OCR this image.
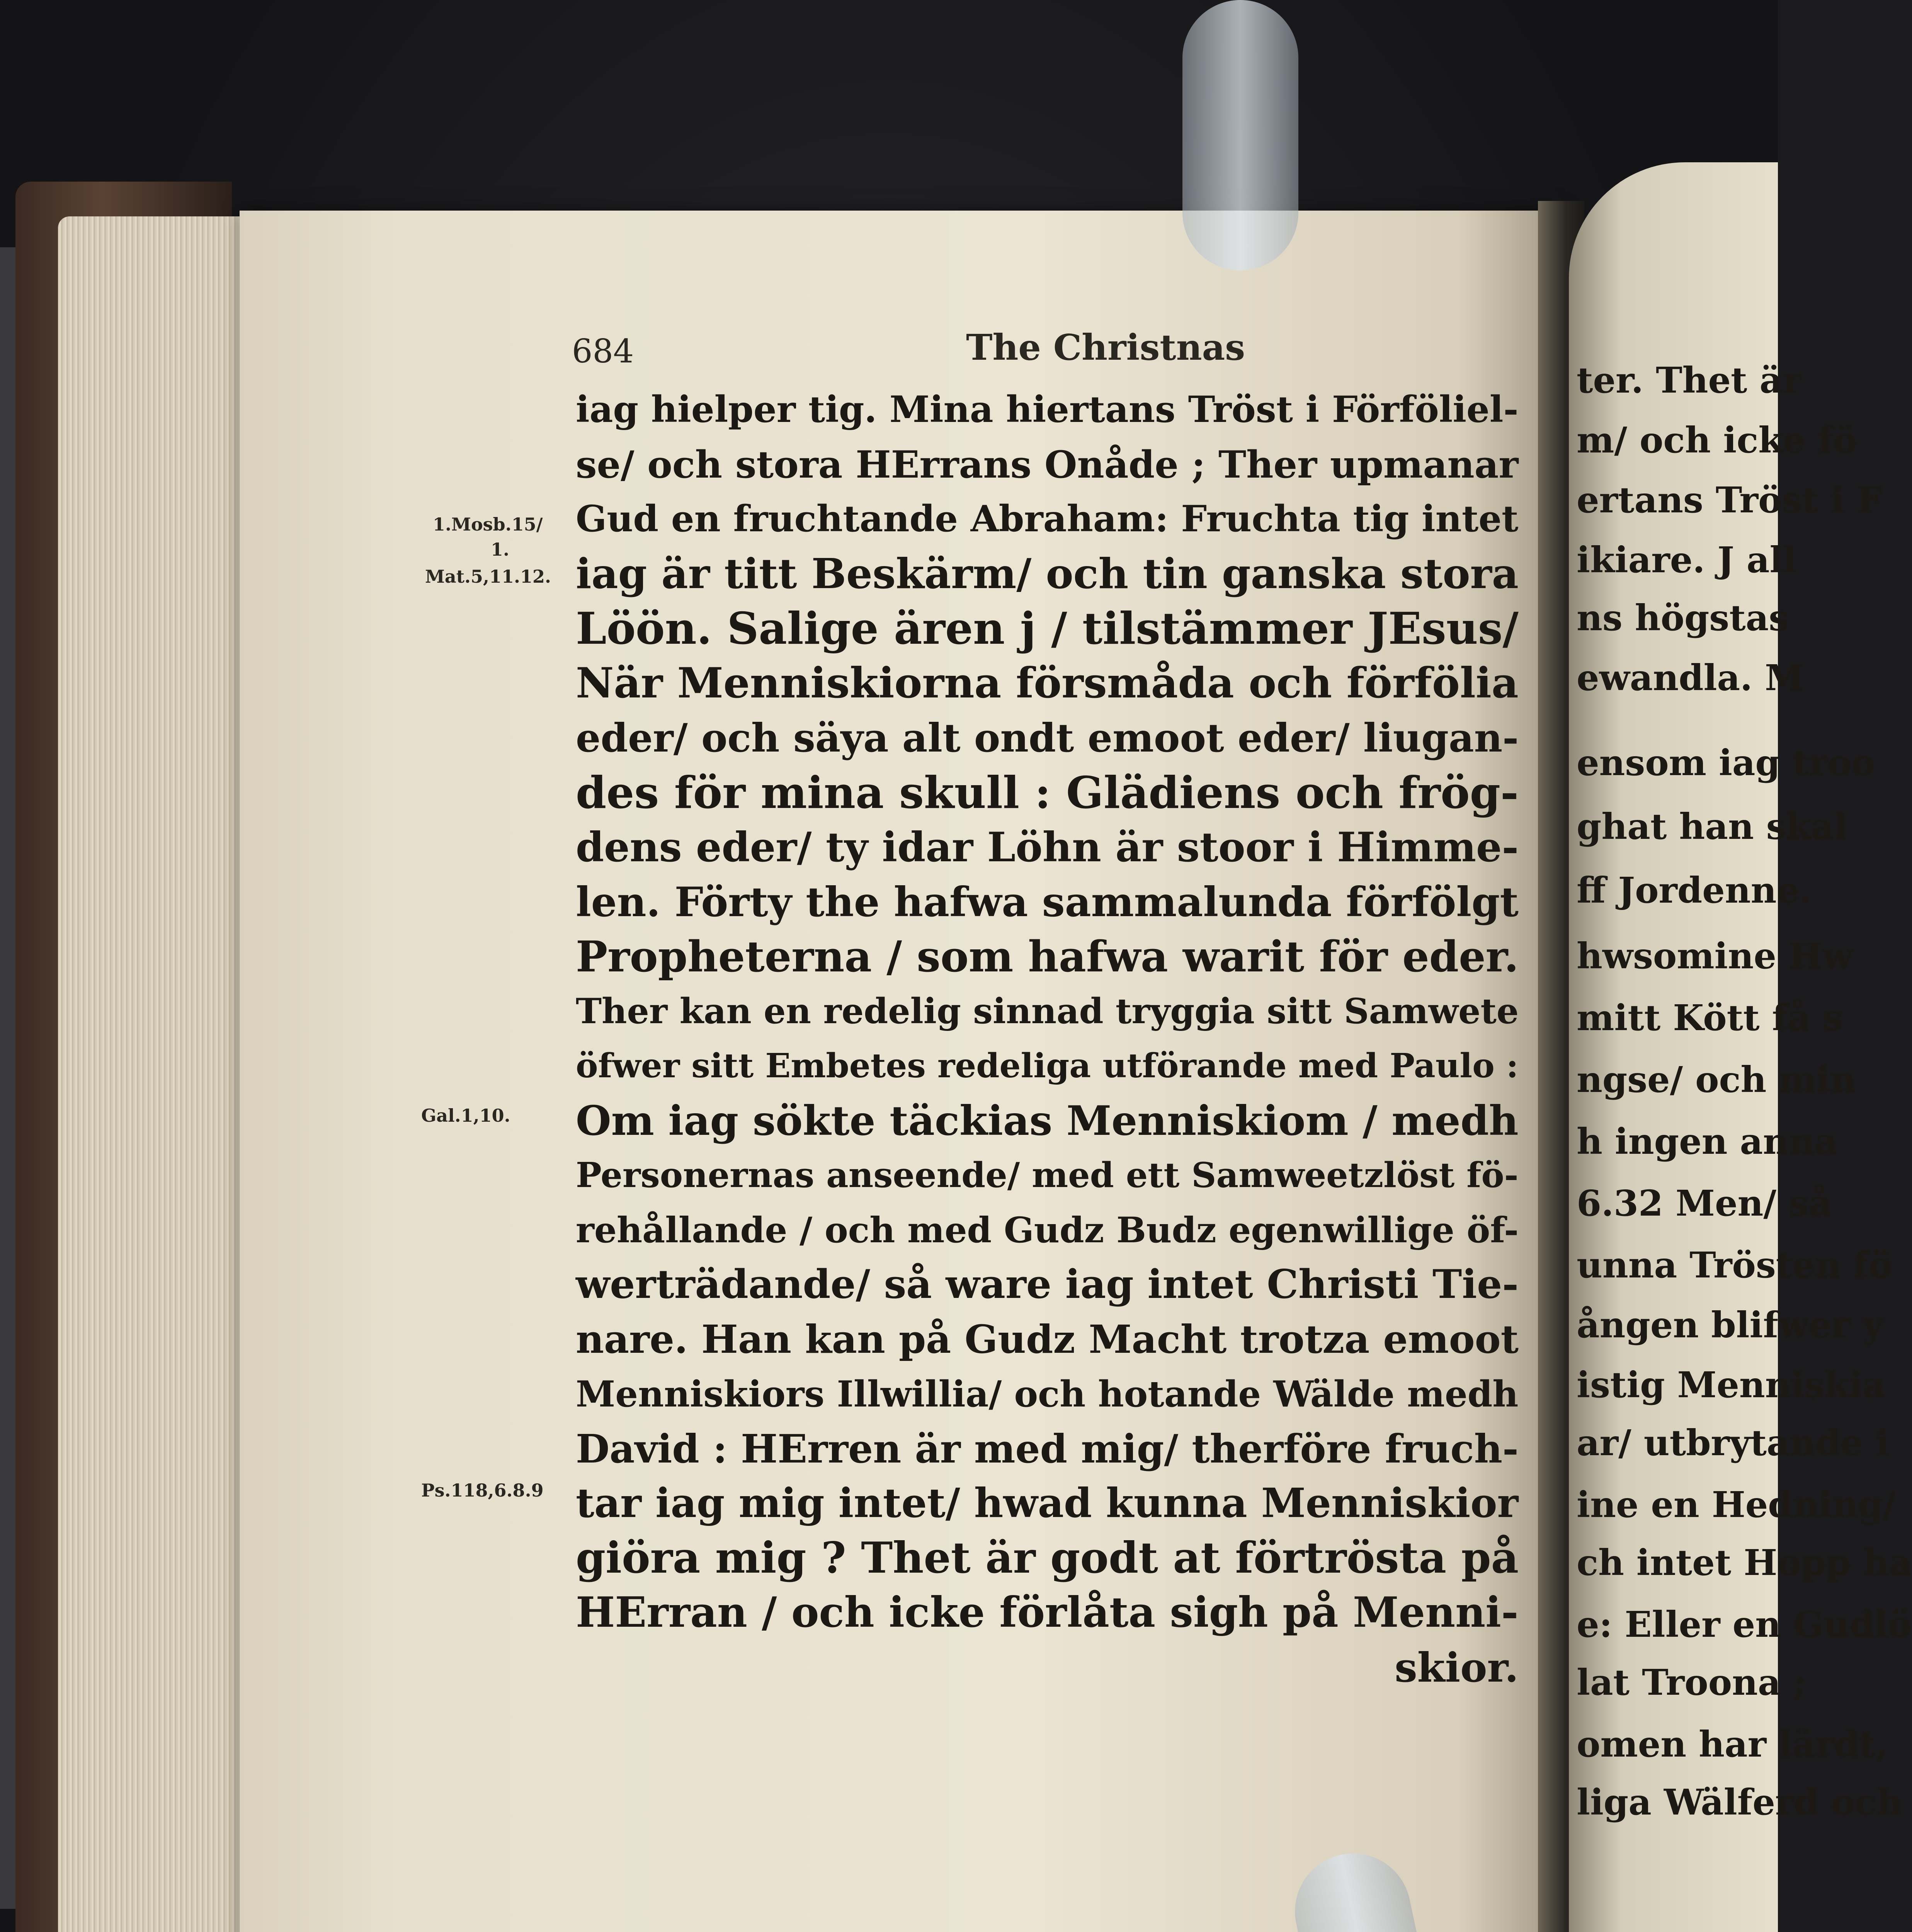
684	The Christnas
1.Mosb.15/
1.
Mat.5,11.12.
Gal.1,10.
Ps.118,6.8.9
iag hielper tig. Mina hiertans Tröst i Förföliel-
se/ och stora HErrans Onåde ; Ther upmanar
Gud en fruchtande Abraham: Fruchta tig intet
iag är titt Beskärm/ och tin ganska stora
Löön. Salige ären j / tilstämmer JEsus/
När Menniskiorna försmåda och förfölia
eder/ och säya alt ondt emoot eder/ liugan-
des för mina skull : Glädiens och frög-
dens eder/ ty idar Löhn är stoor i Himme-
len. Förty the hafwa sammalunda förfölgt
Propheterna / som hafwa warit för eder.
Ther kan en redelig sinnad tryggia sitt Samwete
öfwer sitt Embetes redeliga utförande med Paulo :
Om iag sökte täckias Menniskiom / medh
Personernas anseende/ med ett Samweetzlöst fö-
rehållande / och med Gudz Budz egenwillige öf-
werträdande/ så ware iag intet Christi Tie-
nare. Han kan på Gudz Macht trotza emoot
Menniskiors Illwillia/ och hotande Wälde medh
David : HErren är med mig/ therföre fruch-
tar iag mig intet/ hwad kunna Menniskior
giöra mig ? Thet är godt at förtrösta på
HErran / och icke förlåta sigh på Menni-
skior.
ter. Thet är
m/ och icke fö
ertans Tröst i F
ikiare. J all
ns högstas
ewandla. M
ensom iag troo
ghat han skal
ff Jordenne.
hwsomine Hw
mitt Kött få s
ngse/ och min
h ingen anna
6.32 Men/ så
unna Trösten fö
ången blifwer y
istig Menniskia
ar/ utbrytande i
ine en Hedning/
ch intet Hopp ha
e: Eller en Gudlö
lat Troona ;
omen har lärdt,
liga Wälferd och
